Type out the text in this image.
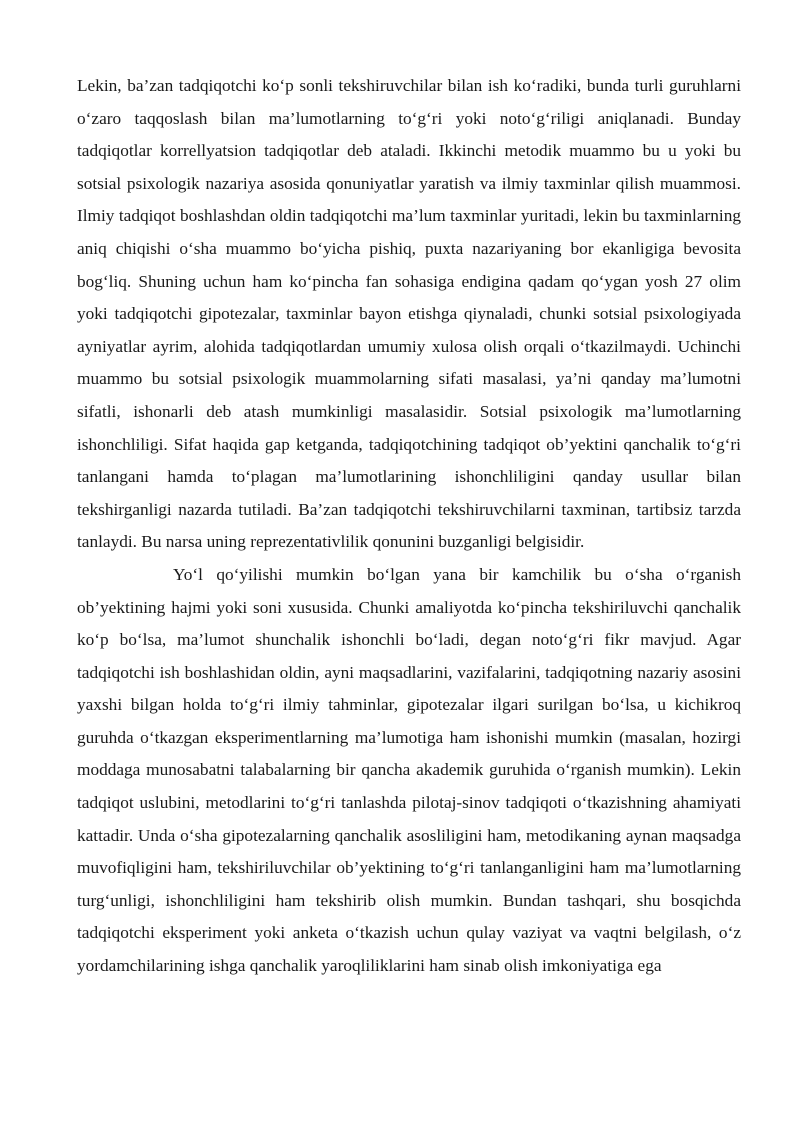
Lekin, ba’zan tadqiqotchi ko‘p sonli tekshiruvchilar bilan ish ko‘radiki, bunda turli guruhlarni o‘zaro taqqoslash bilan ma’lumotlarning to‘g‘ri yoki noto‘g‘riligi aniqlanadi. Bunday tadqiqotlar korrellyatsion tadqiqotlar deb ataladi. Ikkinchi metodik muammo bu u yoki bu sotsial psixologik nazariya asosida qonuniyatlar yaratish va ilmiy taxminlar qilish muammosi. Ilmiy tadqiqot boshlashdan oldin tadqiqotchi ma’lum taxminlar yuritadi, lekin bu taxminlarning aniq chiqishi o‘sha muammo bo‘yicha pishiq, puxta nazariyaning bor ekanligiga bevosita bog‘liq. Shuning uchun ham ko‘pincha fan sohasiga endigina qadam qo‘ygan yosh 27 olim yoki tadqiqotchi gipotezalar, taxminlar bayon etishga qiynaladi, chunki sotsial psixologiyada ayniyatlar ayrim, alohida tadqiqotlardan umumiy xulosa olish orqali o‘tkazilmaydi. Uchinchi muammo bu sotsial psixologik muammolarning sifati masalasi, ya’ni qanday ma’lumotni sifatli, ishonarli deb atash mumkinligi masalasidir. Sotsial psixologik ma’lumotlarning ishonchliligi. Sifat haqida gap ketganda, tadqiqotchining tadqiqot ob’yektini qanchalik to‘g‘ri tanlangani hamda to‘plagan ma’lumotlarining ishonchliligini qanday usullar bilan tekshirganligi nazarda tutiladi. Ba’zan tadqiqotchi tekshiruvchilarni taxminan, tartibsiz tarzda tanlaydi. Bu narsa uning reprezentativlilik qonunini buzganligi belgisidir.

Yo‘l qo‘yilishi mumkin bo‘lgan yana bir kamchilik bu o‘sha o‘rganish ob’yektining hajmi yoki soni xususida. Chunki amaliyotda ko‘pincha tekshiriluvchi qanchalik ko‘p bo‘lsa, ma’lumot shunchalik ishonchli bo‘ladi, degan noto‘g‘ri fikr mavjud. Agar tadqiqotchi ish boshlashidan oldin, ayni maqsadlarini, vazifalarini, tadqiqotning nazariy asosini yaxshi bilgan holda to‘g‘ri ilmiy tahminlar, gipotezalar ilgari surilgan bo‘lsa, u kichikroq guruhda o‘tkazgan eksperimentlarning ma’lumotiga ham ishonishi mumkin (masalan, hozirgi moddaga munosabatni talabalarning bir qancha akademik guruhida o‘rganish mumkin). Lekin tadqiqot uslubini, metodlarini to‘g‘ri tanlashda pilotaj-sinov tadqiqoti o‘tkazishning ahamiyati kattadir. Unda o‘sha gipotezalarning qanchalik asosliligini ham, metodikaning aynan maqsadga muvofiqligini ham, tekshiriluvchilar ob’yektining to‘g‘ri tanlanganligini ham ma’lumotlarning turg‘unligi, ishonchliligini ham tekshirib olish mumkin. Bundan tashqari, shu bosqichda tadqiqotchi eksperiment yoki anketa o‘tkazish uchun qulay vaziyat va vaqtni belgilash, o‘z yordamchilarining ishga qanchalik yaroqliliklarini ham sinab olish imkoniyatiga ega
